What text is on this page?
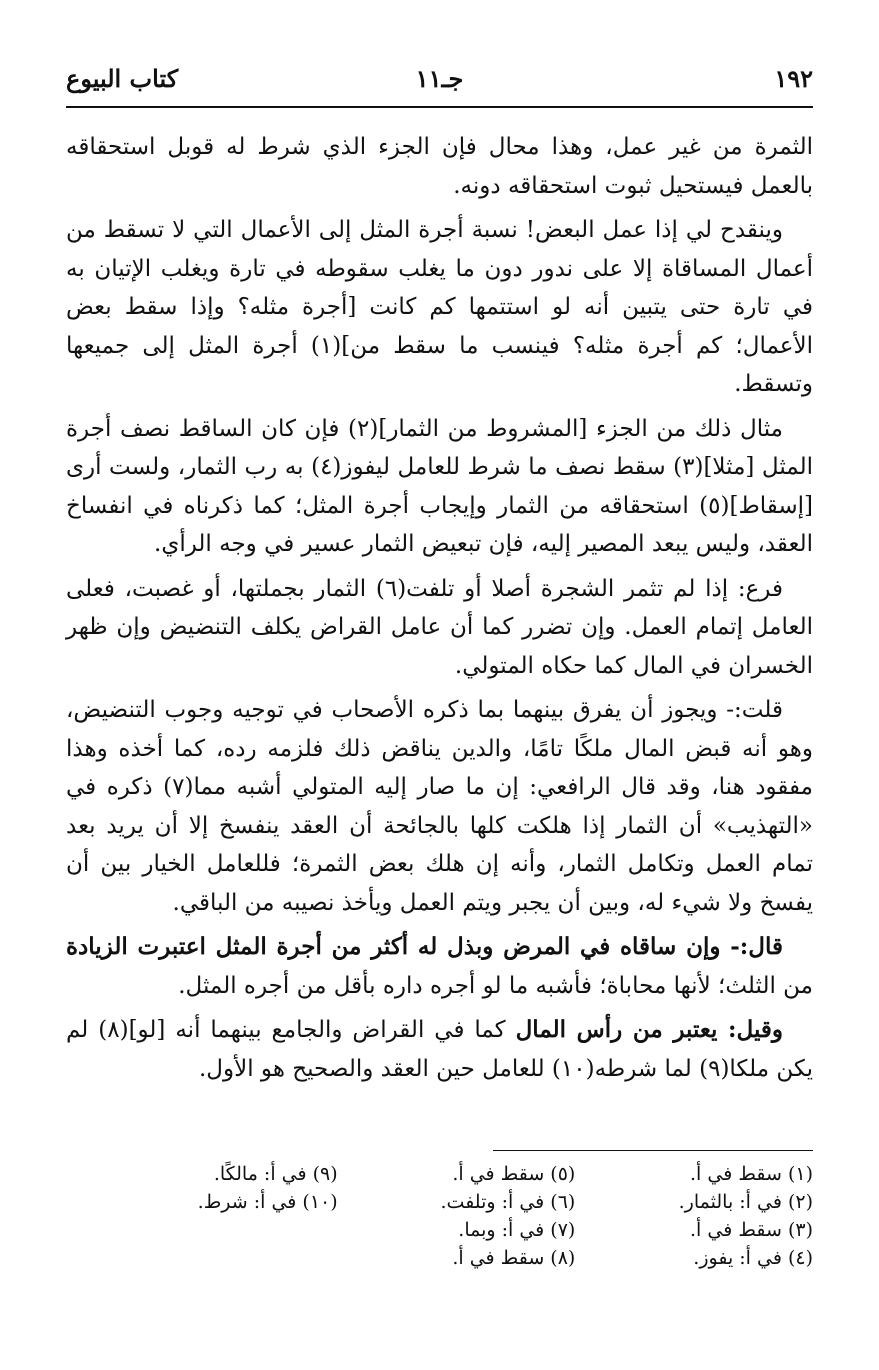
١٩٢
جـ١١
كتاب البيوع

الثمرة من غير عمل، وهذا محال فإن الجزء الذي شرط له قوبل استحقاقه بالعمل فيستحيل ثبوت استحقاقه دونه.

وينقدح لي إذا عمل البعض! نسبة أجرة المثل إلى الأعمال التي لا تسقط من أعمال المساقاة إلا على ندور دون ما يغلب سقوطه في تارة ويغلب الإتيان به في تارة حتى يتبين أنه لو استتمها كم كانت [أجرة مثله؟ وإذا سقط بعض الأعمال؛ كم أجرة مثله؟ فينسب ما سقط من](١) أجرة المثل إلى جميعها وتسقط.

مثال ذلك من الجزء [المشروط من الثمار](٢) فإن كان الساقط نصف أجرة المثل [مثلا](٣) سقط نصف ما شرط للعامل ليفوز(٤) به رب الثمار، ولست أرى [إسقاط](٥) استحقاقه من الثمار وإيجاب أجرة المثل؛ كما ذكرناه في انفساخ العقد، وليس يبعد المصير إليه، فإن تبعيض الثمار عسير في وجه الرأي.

فرع: إذا لم تثمر الشجرة أصلا أو تلفت(٦) الثمار بجملتها، أو غصبت، فعلى العامل إتمام العمل. وإن تضرر كما أن عامل القراض يكلف التنضيض وإن ظهر الخسران في المال كما حكاه المتولي.

قلت:- ويجوز أن يفرق بينهما بما ذكره الأصحاب في توجيه وجوب التنضيض، وهو أنه قبض المال ملكًا تامًا، والدين يناقض ذلك فلزمه رده، كما أخذه وهذا مفقود هنا، وقد قال الرافعي: إن ما صار إليه المتولي أشبه مما(٧) ذكره في «التهذيب» أن الثمار إذا هلكت كلها بالجائحة أن العقد ينفسخ إلا أن يريد بعد تمام العمل وتكامل الثمار، وأنه إن هلك بعض الثمرة؛ فللعامل الخيار بين أن يفسخ ولا شيء له، وبين أن يجبر ويتم العمل ويأخذ نصيبه من الباقي.

قال:- وإن ساقاه في المرض وبذل له أكثر من أجرة المثل اعتبرت الزيادة من الثلث؛ لأنها محاباة؛ فأشبه ما لو أجره داره بأقل من أجره المثل.

وقيل: يعتبر من رأس المال كما في القراض والجامع بينهما أنه [لو](٨) لم يكن ملكا(٩) لما شرطه(١٠) للعامل حين العقد والصحيح هو الأول.

(١) سقط في أ.
(٢) في أ: بالثمار.
(٣) سقط في أ.
(٤) في أ: يفوز.
(٥) سقط في أ.
(٦) في أ: وتلفت.
(٧) في أ: وبما.
(٨) سقط في أ.
(٩) في أ: مالكًا.
(١٠) في أ: شرط.
